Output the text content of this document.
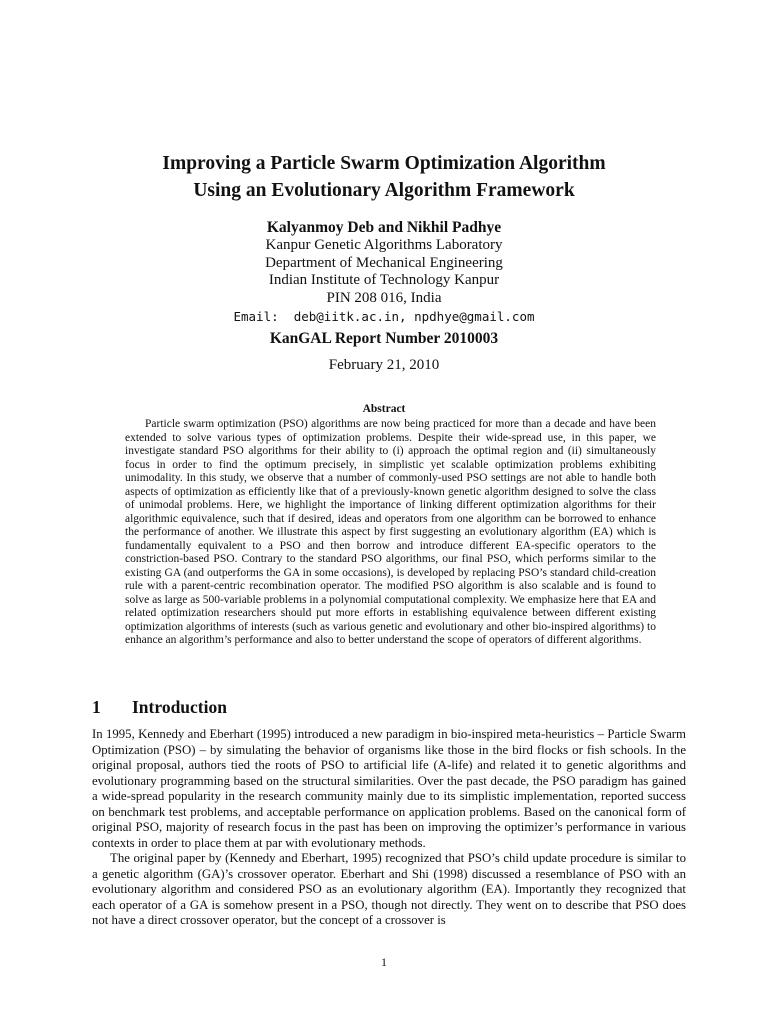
Improving a Particle Swarm Optimization Algorithm
Using an Evolutionary Algorithm Framework
Kalyanmoy Deb and Nikhil Padhye
Kanpur Genetic Algorithms Laboratory
Department of Mechanical Engineering
Indian Institute of Technology Kanpur
PIN 208 016, India
Email: deb@iitk.ac.in, npdhye@gmail.com
KanGAL Report Number 2010003
February 21, 2010
Abstract
Particle swarm optimization (PSO) algorithms are now being practiced for more than a decade and have been extended to solve various types of optimization problems. Despite their wide-spread use, in this paper, we investigate standard PSO algorithms for their ability to (i) approach the optimal region and (ii) simultaneously focus in order to find the optimum precisely, in simplistic yet scalable optimization problems exhibiting unimodality. In this study, we observe that a number of commonly-used PSO settings are not able to handle both aspects of optimization as efficiently like that of a previously-known genetic algorithm designed to solve the class of unimodal problems. Here, we highlight the importance of linking different optimization algorithms for their algorithmic equivalence, such that if desired, ideas and operators from one algorithm can be borrowed to enhance the performance of another. We illustrate this aspect by first suggesting an evolutionary algorithm (EA) which is fundamentally equivalent to a PSO and then borrow and introduce different EA-specific operators to the constriction-based PSO. Contrary to the standard PSO algorithms, our final PSO, which performs similar to the existing GA (and outperforms the GA in some occasions), is developed by replacing PSO’s standard child-creation rule with a parent-centric recombination operator. The modified PSO algorithm is also scalable and is found to solve as large as 500-variable problems in a polynomial computational complexity. We emphasize here that EA and related optimization researchers should put more efforts in establishing equivalence between different existing optimization algorithms of interests (such as various genetic and evolutionary and other bio-inspired algorithms) to enhance an algorithm’s performance and also to better understand the scope of operators of different algorithms.
1 Introduction

In 1995, Kennedy and Eberhart (1995) introduced a new paradigm in bio-inspired meta-heuristics – Particle Swarm Optimization (PSO) – by simulating the behavior of organisms like those in the bird flocks or fish schools. In the original proposal, authors tied the roots of PSO to artificial life (A-life) and related it to genetic algorithms and evolutionary programming based on the structural similarities. Over the past decade, the PSO paradigm has gained a wide-spread popularity in the research community mainly due to its simplistic implementation, reported success on benchmark test problems, and acceptable performance on application problems. Based on the canonical form of original PSO, majority of research focus in the past has been on improving the optimizer’s performance in various contexts in order to place them at par with evolutionary methods.

The original paper by (Kennedy and Eberhart, 1995) recognized that PSO’s child update procedure is similar to a genetic algorithm (GA)’s crossover operator. Eberhart and Shi (1998) discussed a resemblance of PSO with an evolutionary algorithm and considered PSO as an evolutionary algorithm (EA). Importantly they recognized that each operator of a GA is somehow present in a PSO, though not directly. They went on to describe that PSO does not have a direct crossover operator, but the concept of a crossover is

1
